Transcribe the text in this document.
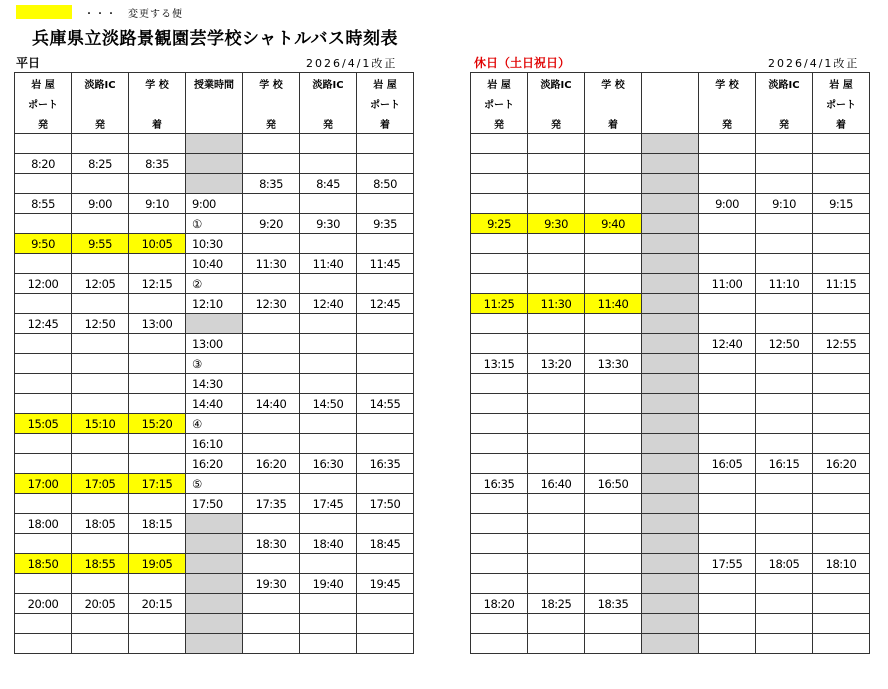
・・・　変更する便
兵庫県立淡路景観園芸学校シャトルバス時刻表
平日	2026/4/1改正	休日（土日祝日）	2026/4/1改正
岩 屋	淡路IC	学 校	授業時間	学 校	淡路IC	岩 屋
ポート						ポート
発	発	着		発	発	着

8:20	8:25	8:35				
				8:35	8:45	8:50
8:55	9:00	9:10	9:00			
			①	9:20	9:30	9:35
9:50	9:55	10:05	10:30			
			10:40	11:30	11:40	11:45
12:00	12:05	12:15	②			
			12:10	12:30	12:40	12:45
12:45	12:50	13:00				
			13:00			
			③			
			14:30			
			14:40	14:40	14:50	14:55
15:05	15:10	15:20	④			
			16:10			
			16:20	16:20	16:30	16:35
17:00	17:05	17:15	⑤			
			17:50	17:35	17:45	17:50
18:00	18:05	18:15				
				18:30	18:40	18:45
18:50	18:55	19:05				
				19:30	19:40	19:45
20:00	20:05	20:15				

岩 屋	淡路IC	学 校		学 校	淡路IC	岩 屋
ポート						ポート
発	発	着		発	発	着

				9:00	9:10	9:15
9:25	9:30	9:40				

				11:00	11:10	11:15
11:25	11:30	11:40				

				12:40	12:50	12:55
13:15	13:20	13:30				

				16:05	16:15	16:20
16:35	16:40	16:50				

				17:55	18:05	18:10

18:20	18:25	18:35				
